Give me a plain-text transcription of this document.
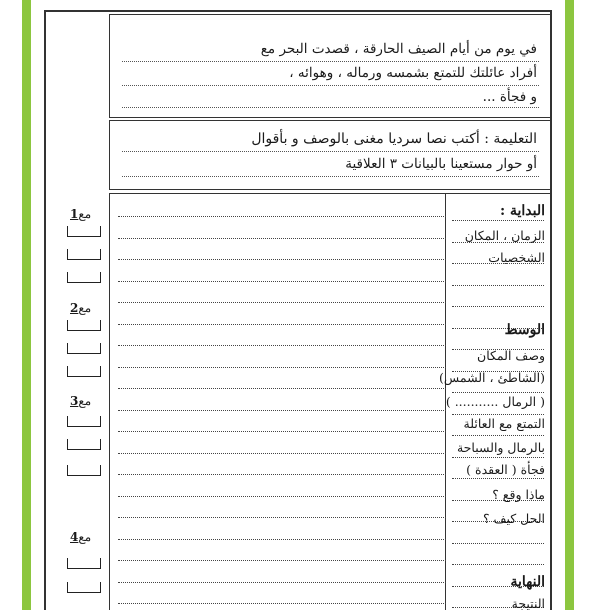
في يوم من أيام الصيف الحارقة ، قصدت البحر مع
أفراد عائلتك للتمتع بشمسه ورماله ، وهوائه ،
و فجأة ...
التعليمة : أكتب نصا سرديا مغنى بالوصف و بأقوال
أو حوار مستعينا بالبيانات ٣ العلاقية
البداية :
الزمان ، المكان
الشخصيات
الوسط
وصف المكان
(الشاطئ ، الشمس)
( الرمال ........... )
التمتع مع العائلة
بالرمال والسباحة
فجأة ( العقدة )
ماذا وقع ؟
الحل كيف ؟
النهاية
النتيجة
مع1
مع2
مع3
مع4
